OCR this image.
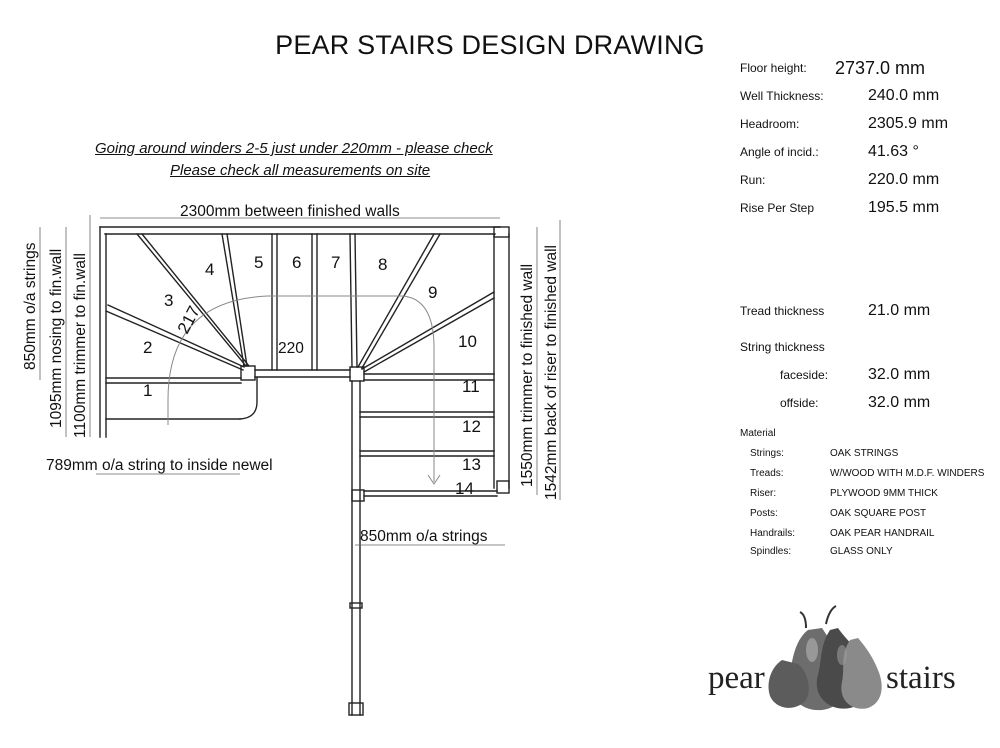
PEAR STAIRS DESIGN DRAWING
Going around winders 2-5 just under 220mm - please check
Please check all measurements on site
Floor height: 2737.0 mm
Well Thickness:	240.0 mm
Headroom:	2305.9 mm
Angle of incid.:	41.63 °
Run:	220.0 mm
Rise Per Step	195.5 mm
Tread thickness	21.0 mm
String thickness
faceside: 32.0 mm
offside:	32.0 mm
Material
Strings:	OAK STRINGS
Treads:	W/WOOD WITH M.D.F. WINDERS
Riser:	PLYWOOD 9MM THICK
Posts:	OAK SQUARE POST
Handrails:	OAK PEAR HANDRAIL
Spindles:	GLASS ONLY
1
2
3
4 5 6 7 8
9
10
11
12
13
14
2300mm between finished walls
217
220
789mm o/a string to inside newel
850mm o/a strings
850mm o/a strings 1095mm nosing to fin.wall 1100mm trimmer to fin.wall	1550mm trimmer to finished wall 1542mm back of riser to finished wall
pear	stairs
